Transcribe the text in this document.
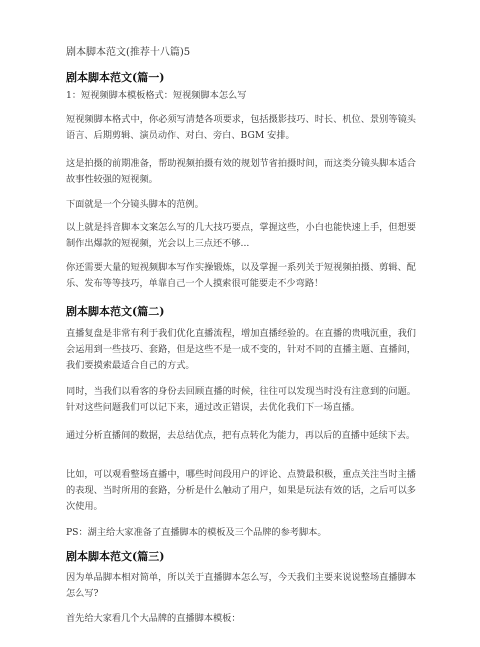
剧本脚本范文(推荐十八篇)5
剧本脚本范文(篇一)
1：短视频脚本模板格式：短视频脚本怎么写
短视频脚本格式中，你必须写清楚各项要求，包括摄影技巧、时长、机位、景别等镜头语言、后期剪辑、演员动作、对白、旁白、BGM 安排。
这是拍摄的前期准备，帮助视频拍摄有效的规划节省拍摄时间，而这类分镜头脚本适合故事性较强的短视频。
下面就是一个分镜头脚本的范例。
以上就是抖音脚本文案怎么写的几大技巧要点，掌握这些，小白也能快速上手，但想要制作出爆款的短视频，光会以上三点还不够...
你还需要大量的短视频脚本写作实操锻炼，以及掌握一系列关于短视频拍摄、剪辑、配乐、发布等等技巧，单靠自己一个人摸索很可能要走不少弯路！
剧本脚本范文(篇二)
直播复盘是非常有利于我们优化直播流程，增加直播经验的。在直播的贵哦沉重，我们会运用到一些技巧、套路，但是这些不是一成不变的，针对不同的直播主题、直播间，我们要摸索最适合自己的方式。
同时，当我们以看客的身份去回顾直播的时候，往往可以发现当时没有注意到的问题。针对这些问题我们可以记下来，通过改正错误，去优化我们下一场直播。
通过分析直播间的数据，去总结优点，把有点转化为能力，再以后的直播中延续下去。
比如，可以观看整场直播中，哪些时间段用户的评论、点赞最积极，重点关注当时主播的表现、当时所用的套路，分析是什么触动了用户，如果是玩法有效的话，之后可以多次使用。
PS：湖主给大家准备了直播脚本的模板及三个品牌的参考脚本。
剧本脚本范文(篇三)
因为单品脚本相对简单，所以关于直播脚本怎么写，今天我们主要来说说整场直播脚本怎么写?
首先给大家看几个大品牌的直播脚本模板：
